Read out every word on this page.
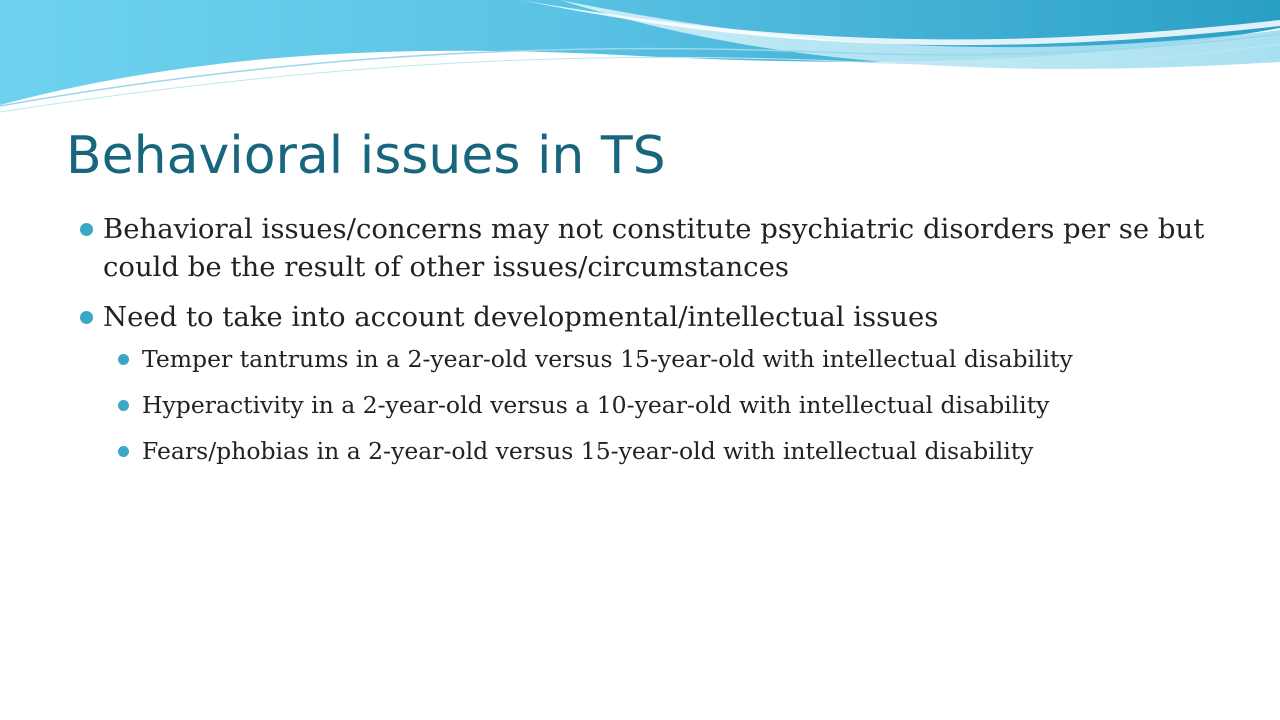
Behavioral issues in TS
Behavioral issues/concerns may not constitute psychiatric disorders per se but could be the result of other issues/circumstances
Need to take into account developmental/intellectual issues
Temper tantrums in a 2-year-old versus 15-year-old with intellectual disability
Hyperactivity in a 2-year-old versus a 10-year-old with intellectual disability
Fears/phobias in a 2-year-old versus 15-year-old with intellectual disability
